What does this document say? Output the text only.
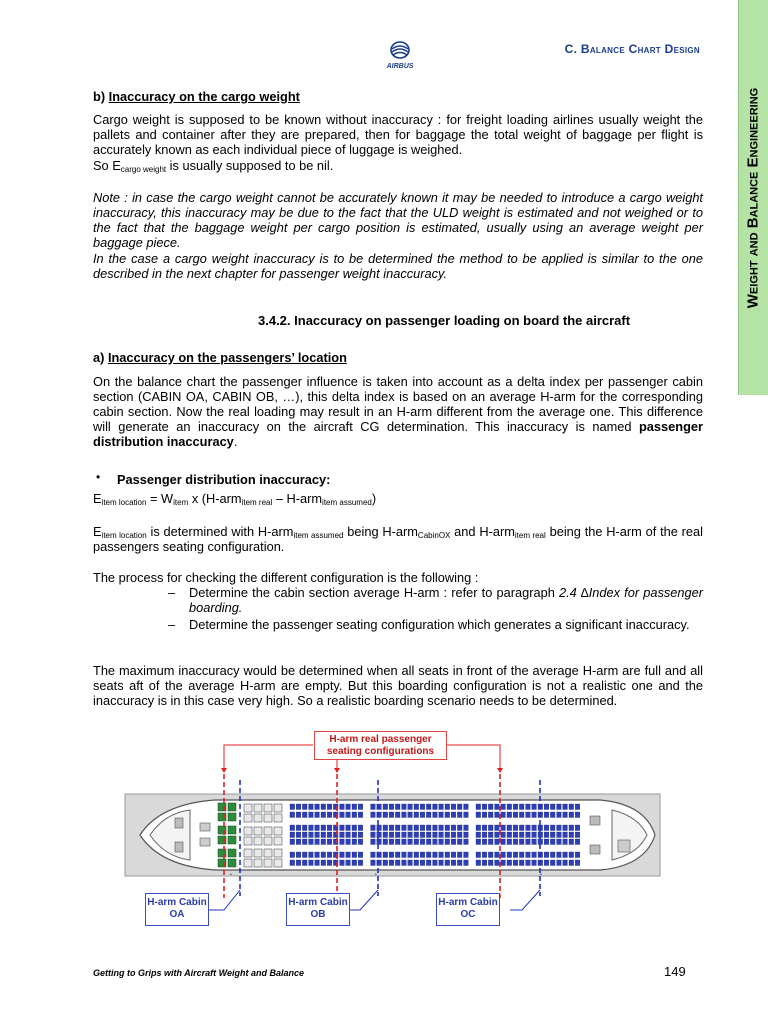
Weight and Balance Engineering
AIRBUS
C. Balance Chart Design
b) Inaccuracy on the cargo weight
Cargo weight is supposed to be known without inaccuracy : for freight loading airlines usually weight the pallets and container after they are prepared, then for baggage the total weight of baggage per flight is accurately known as each individual piece of luggage is weighed.
So $E_{cargo weight}$ is usually supposed to be nil.
Note : in case the cargo weight cannot be accurately known it may be needed to introduce a cargo weight inaccuracy, this inaccuracy may be due to the fact that the ULD weight is estimated and not weighed or to the fact that the baggage weight per cargo position is estimated, usually using an average weight per baggage piece.
In the case a cargo weight inaccuracy is to be determined the method to be applied is similar to the one described in the next chapter for passenger weight inaccuracy.
3.4.2. Inaccuracy on passenger loading on board the aircraft
a) Inaccuracy on the passengers’ location
On the balance chart the passenger influence is taken into account as a delta index per passenger cabin section (CABIN OA, CABIN OB, …), this delta index is based on an average H-arm for the corresponding cabin section. Now the real loading may result in an H-arm different from the average one. This difference will generate an inaccuracy on the aircraft CG determination. This inaccuracy is named passenger distribution inaccuracy.
• Passenger distribution inaccuracy:
$E_{item location} = W_{item}$ x (H-arm$_{item real}$ – H-arm$_{item assumed}$)
$E_{item location}$ is determined with H-arm$_{item assumed}$ being H-arm$_{CabinOX}$ and H-arm$_{item real}$ being the H-arm of the real passengers seating configuration.
The process for checking the different configuration is the following :
– Determine the cabin section average H-arm : refer to paragraph 2.4 ∆Index for passenger boarding.
– Determine the passenger seating configuration which generates a significant inaccuracy.
The maximum inaccuracy would be determined when all seats in front of the average H-arm are full and all seats aft of the average H-arm are empty. But this boarding configuration is not a realistic one and the inaccuracy is in this case very high. So a realistic boarding scenario needs to be determined.
•	•	•
H-arm real passenger seating configurations
H-arm Cabin OA
H-arm Cabin OB
H-arm Cabin OC
Getting to Grips with Aircraft Weight and Balance	149
